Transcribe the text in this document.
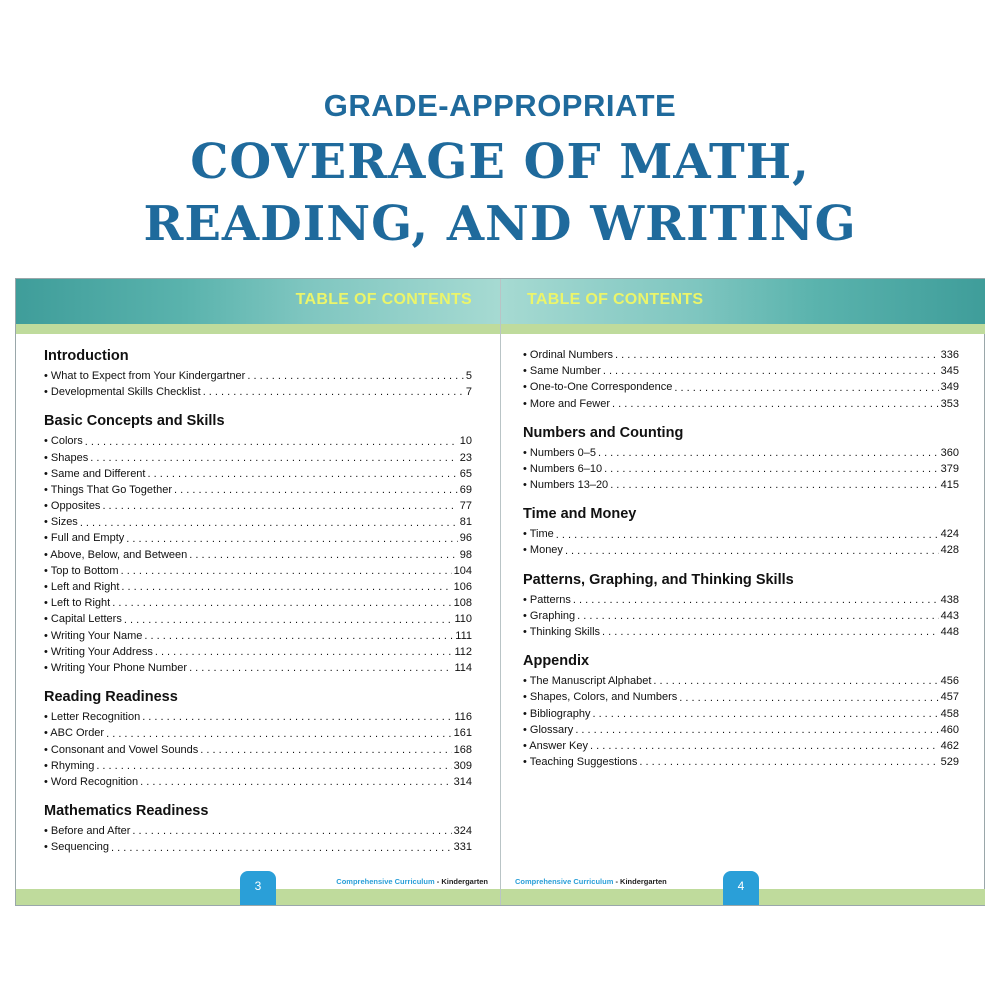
GRADE-APPROPRIATE
COVERAGE OF MATH,
READING, AND WRITING
TABLE OF CONTENTS
Introduction
• What to Expect from Your Kindergartner . . .	5
• Developmental Skills Checklist . . .	7
Basic Concepts and Skills
• Colors . . .	10
• Shapes . . .	23
• Same and Different . . .	65
• Things That Go Together . . .	69
• Opposites . . .	77
• Sizes . . .	81
• Full and Empty . . .	96
• Above, Below, and Between . . .	98
• Top to Bottom . . .	104
• Left and Right . . .	106
• Left to Right . . .	108
• Capital Letters . . .	110
• Writing Your Name . . .	111
• Writing Your Address . . .	112
• Writing Your Phone Number . . .	114
Reading Readiness
• Letter Recognition . . .	116
• ABC Order . . .	161
• Consonant and Vowel Sounds . . .	168
• Rhyming . . .	309
• Word Recognition . . .	314
Mathematics Readiness
• Before and After . . .	324
• Sequencing . . .	331
3	Comprehensive Curriculum - Kindergarten
TABLE OF CONTENTS
• Ordinal Numbers . . .	336
• Same Number . . .	345
• One-to-One Correspondence . . .	349
• More and Fewer . . .	353
Numbers and Counting
• Numbers 0–5 . . .	360
• Numbers 6–10 . . .	379
• Numbers 13–20 . . .	415
Time and Money
• Time . . .	424
• Money . . .	428
Patterns, Graphing, and Thinking Skills
• Patterns . . .	438
• Graphing . . .	443
• Thinking Skills . . .	448
Appendix
• The Manuscript Alphabet . . .	456
• Shapes, Colors, and Numbers . . .	457
• Bibliography . . .	458
• Glossary . . .	460
• Answer Key . . .	462
• Teaching Suggestions . . .	529
4
Comprehensive Curriculum - Kindergarten
